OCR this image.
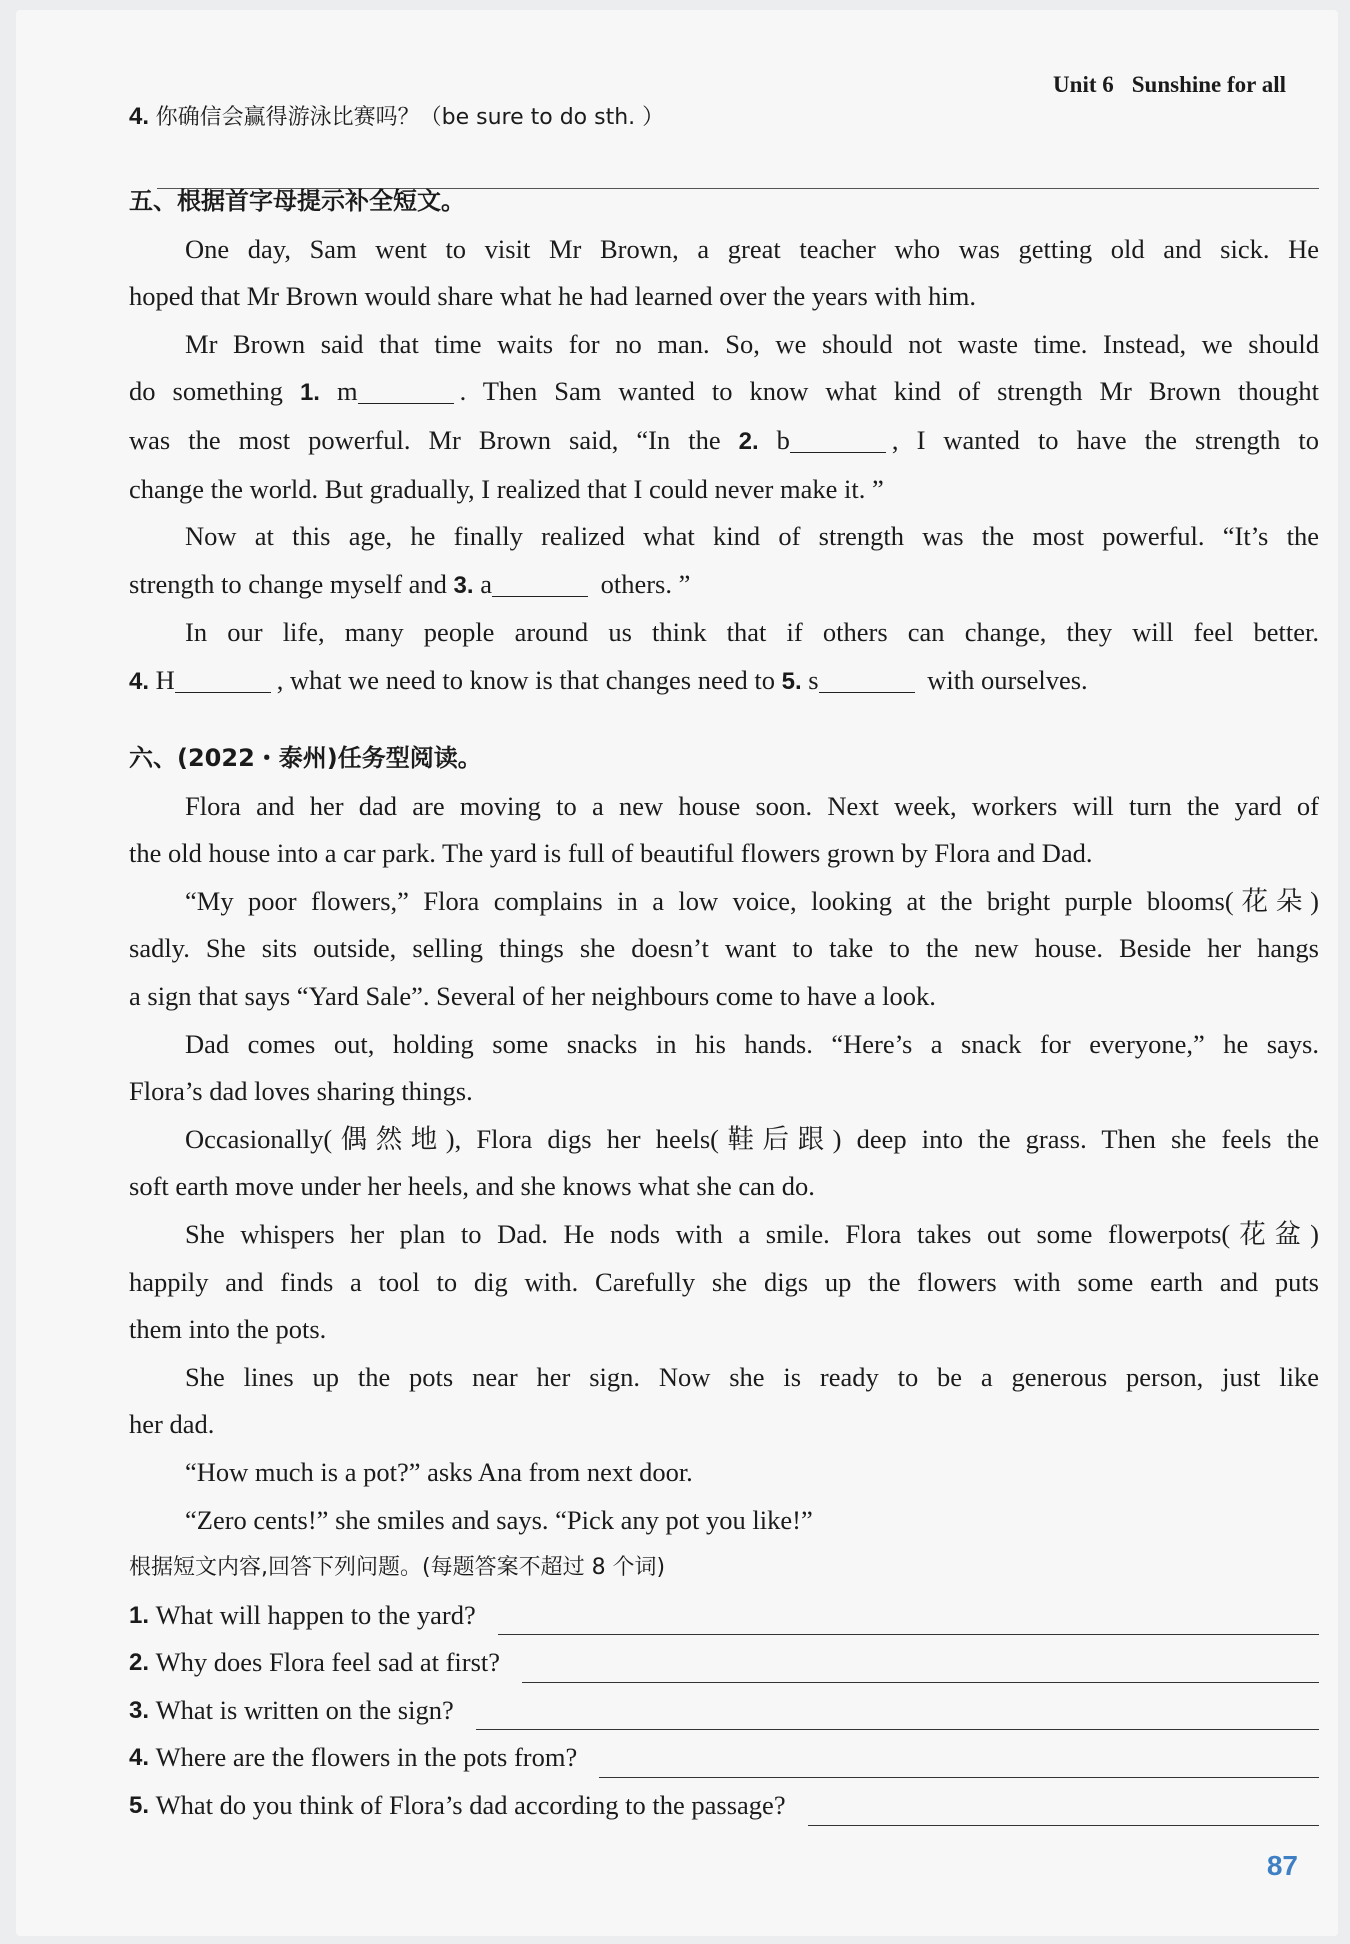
Unit 6 Sunshine for all
4. 你确信会赢得游泳比赛吗？（be sure to do sth. ）
五、根据首字母提示补全短文。
One day, Sam went to visit Mr Brown, a great teacher who was getting old and sick. He
hoped that Mr Brown would share what he had learned over the years with him.
Mr Brown said that time waits for no man. So, we should not waste time. Instead, we should
do something 1. m	. Then Sam wanted to know what kind of strength Mr Brown thought
was the most powerful. Mr Brown said, “In the 2. b	, I wanted to have the strength to
change the world. But gradually, I realized that I could never make it. ”
Now at this age, he finally realized what kind of strength was the most powerful. “It’s the
strength to change myself and 3. a	others. ”
In our life, many people around us think that if others can change, they will feel better.
4. H	, what we need to know is that changes need to 5. s	with ourselves.
六、(2022・泰州)任务型阅读。
Flora and her dad are moving to a new house soon. Next week, workers will turn the yard of
the old house into a car park. The yard is full of beautiful flowers grown by Flora and Dad.
“My poor flowers,” Flora complains in a low voice, looking at the bright purple blooms(花朵)
sadly. She sits outside, selling things she doesn’t want to take to the new house. Beside her hangs
a sign that says “Yard Sale”. Several of her neighbours come to have a look.
Dad comes out, holding some snacks in his hands. “Here’s a snack for everyone,” he says.
Flora’s dad loves sharing things.
Occasionally(偶然地), Flora digs her heels(鞋后跟) deep into the grass. Then she feels the
soft earth move under her heels, and she knows what she can do.
She whispers her plan to Dad. He nods with a smile. Flora takes out some flowerpots(花盆)
happily and finds a tool to dig with. Carefully she digs up the flowers with some earth and puts
them into the pots.
She lines up the pots near her sign. Now she is ready to be a generous person, just like
her dad.
“How much is a pot?” asks Ana from next door.
“Zero cents!” she smiles and says. “Pick any pot you like!”
根据短文内容,回答下列问题。(每题答案不超过 8 个词)
1.
What will happen to the yard?
2.
Why does Flora feel sad at first?
3.
What is written on the sign?
4.
Where are the flowers in the pots from?
5.
What do you think of Flora’s dad according to the passage?
87
